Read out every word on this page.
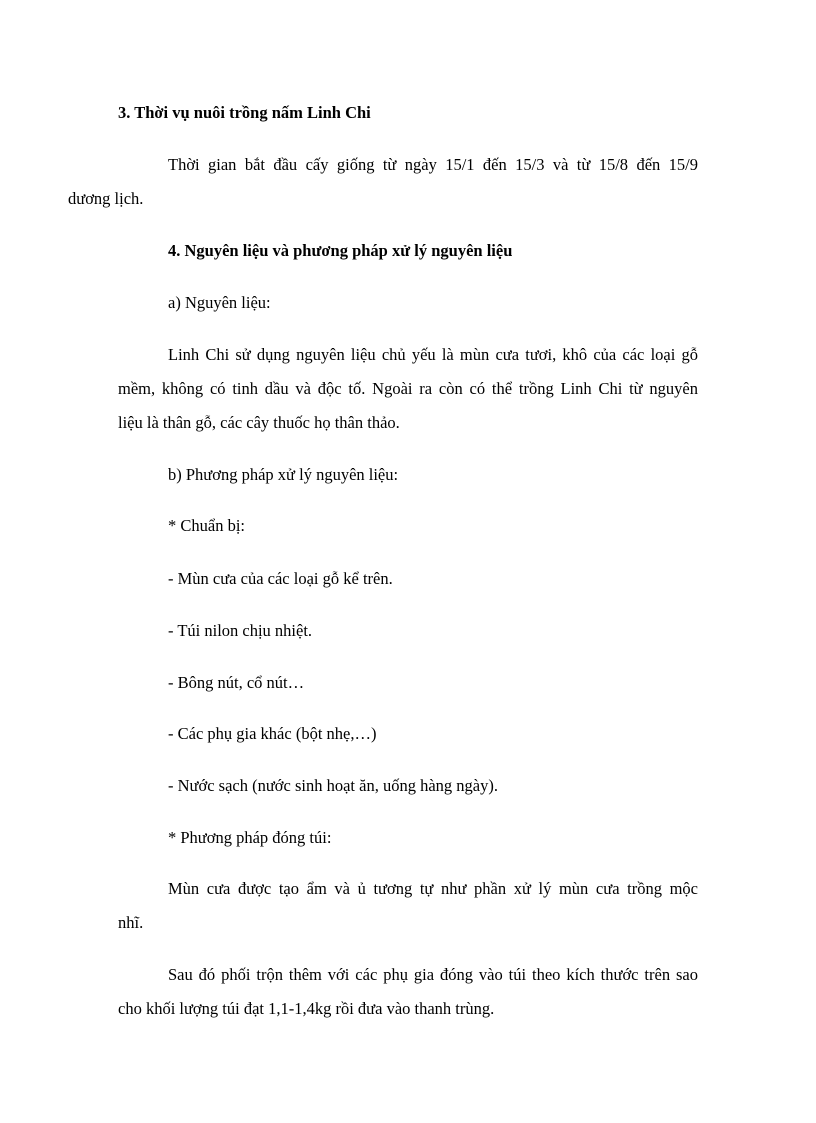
3. Thời vụ nuôi trồng nấm Linh Chi
Thời gian bắt đầu cấy giống từ ngày 15/1 đến 15/3 và từ 15/8 đến 15/9
dương lịch.
4. Nguyên liệu và phương pháp xử lý nguyên liệu
a) Nguyên liệu:
Linh Chi sử dụng nguyên liệu chủ yếu là mùn cưa tươi, khô của các loại gỗ
mềm, không có tinh dầu và độc tố. Ngoài ra còn có thể trồng Linh Chi từ nguyên
liệu là thân gỗ, các cây thuốc họ thân thảo.
b) Phương pháp xử lý nguyên liệu:
* Chuẩn bị:
- Mùn cưa của các loại gỗ kể trên.
- Túi nilon chịu nhiệt.
- Bông nút, cổ nút…
- Các phụ gia khác (bột nhẹ,…)
- Nước sạch (nước sinh hoạt ăn, uống hàng ngày).
* Phương pháp đóng túi:
Mùn cưa được tạo ẩm và ủ tương tự như phần xử lý mùn cưa trồng mộc
nhĩ.
Sau đó phối trộn thêm với các phụ gia đóng vào túi theo kích thước trên sao
cho khối lượng túi đạt 1,1-1,4kg rồi đưa vào thanh trùng.
